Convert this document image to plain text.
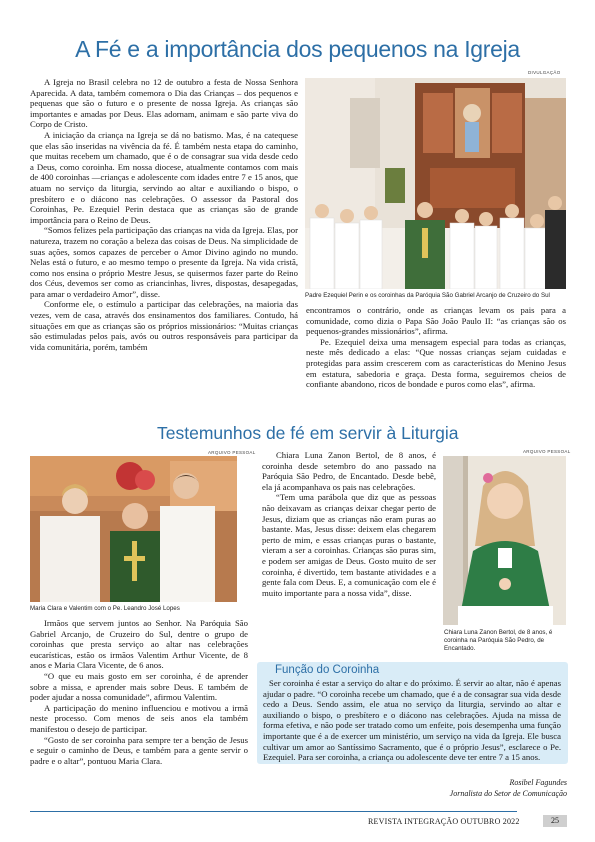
A Fé e a importância dos pequenos na Igreja

A Igreja no Brasil celebra no 12 de outubro a festa de Nossa Senhora Aparecida. A data, também comemora o Dia das Crianças – dos pequenos e pequenas que são o futuro e o presente de nossa Igreja. As crianças são importantes e amadas por Deus. Elas adornam, animam e são parte viva do Corpo de Cristo.

A iniciação da criança na Igreja se dá no batismo. Mas, é na catequese que elas são inseridas na vivência da fé. É também nesta etapa do caminho, que muitas recebem um chamado, que é o de consagrar sua vida desde cedo a Deus, como coroinha. Em nossa diocese, atualmente contamos com mais de 400 coroinhas —crianças e adolescente com idades entre 7 e 15 anos, que atuam no serviço da liturgia, servindo ao altar e auxiliando o bispo, o presbítero e o diácono nas celebrações. O assessor da Pastoral dos Coroinhas, Pe. Ezequiel Perin destaca que as crianças são de grande importância para o Reino de Deus.

“Somos felizes pela participação das crianças na vida da Igreja. Elas, por natureza, trazem no coração a beleza das coisas de Deus. Na simplicidade de suas ações, somos capazes de perceber o Amor Divino agindo no mundo. Nelas está o futuro, e ao mesmo tempo o presente da Igreja. Na vida cristã, como nos ensina o próprio Mestre Jesus, se quisermos fazer parte do Reino dos Céus, devemos ser como as criancinhas, livres, dispostas, desapegadas, para amar o verdadeiro Amor”, disse.

Conforme ele, o estímulo a participar das celebrações, na maioria das vezes, vem de casa, através dos ensinamentos dos familiares. Contudo, há situações em que as crianças são os próprios missionários: “Muitas crianças são estimuladas pelos pais, avós ou outros responsáveis para participar da vida comunitária, porém, também

DIVULGAÇÃO
Padre Ezequiel Perin e os coroinhas da Paróquia São Gabriel Arcanjo de Cruzeiro do Sul

encontramos o contrário, onde as crianças levam os pais para a comunidade, como dizia o Papa São João Paulo II: “as crianças são os pequenos-grandes missionários”, afirma.

Pe. Ezequiel deixa uma mensagem especial para todas as crianças, neste mês dedicado a elas: “Que nossas crianças sejam cuidadas e protegidas para assim crescerem com as características do Menino Jesus em estatura, sabedoria e graça. Desta forma, seguiremos cheios de confiante abandono, ricos de bondade e puros como elas”, afirma.

Testemunhos de fé em servir à Liturgia
ARQUIVO PESSOAL
Maria Clara e Valentim com o Pe. Leandro José Lopes

Irmãos que servem juntos ao Senhor. Na Paróquia São Gabriel Arcanjo, de Cruzeiro do Sul, dentre o grupo de coroinhas que presta serviço ao altar nas celebrações eucarísticas, estão os irmãos Valentim Arthur Vicente, de 8 anos e Maria Clara Vicente, de 6 anos.

“O que eu mais gosto em ser coroinha, é de aprender sobre a missa, e aprender mais sobre Deus. E também de poder ajudar a nossa comunidade”, afirmou Valentim.

A participação do menino influenciou e motivou a irmã neste processo. Com menos de seis anos ela também manifestou o desejo de participar.

“Gosto de ser coroinha para sempre ter a benção de Jesus e seguir o caminho de Deus, e também para a gente servir o padre e o altar”, pontuou Maria Clara.

Chiara Luna Zanon Bertol, de 8 anos, é coroinha desde setembro do ano passado na Paróquia São Pedro, de Encantado. Desde bebê, ela já acompanhava os pais nas celebrações.

“Tem uma parábola que diz que as pessoas não deixavam as crianças deixar chegar perto de Jesus, diziam que as crianças não eram puras ao bastante. Mas, Jesus disse: deixem elas chegarem perto de mim, e essas crianças puras o bastante, vieram a ser a coroinhas. Crianças são puras sim, e podem ser amigas de Deus. Gosto muito de ser coroinha, é divertido, tem bastante atividades e a gente fala com Deus. E, a comunicação com ele é muito importante para a nossa vida”, disse.

ARQUIVO PESSOAL
Chiara Luna Zanon Bertol, de 8 anos, é coroinha na Paróquia São Pedro, de Encantado.
Função do Coroinha
Ser coroinha é estar a serviço do altar e do próximo. É servir ao altar, não é apenas ajudar o padre. “O coroinha recebe um chamado, que é a de consagrar sua vida desde cedo a Deus. Sendo assim, ele atua no serviço da liturgia, servindo ao altar e auxiliando o bispo, o presbítero e o diácono nas celebrações. Ajuda na missa de forma efetiva, e não pode ser tratado como um enfeite, pois desempenha uma função importante que é a de exercer um ministério, um serviço na vida da Igreja. Ele busca cultivar um amor ao Santíssimo Sacramento, que é o próprio Jesus”, esclarece o Pe. Ezequiel. Para ser coroinha, a criança ou adolescente deve ter entre 7 a 15 anos.
Rosibel Fagundes
Jornalista do Setor de Comunicação
REVISTA INTEGRAÇÃO OUTUBRO 2022	25
